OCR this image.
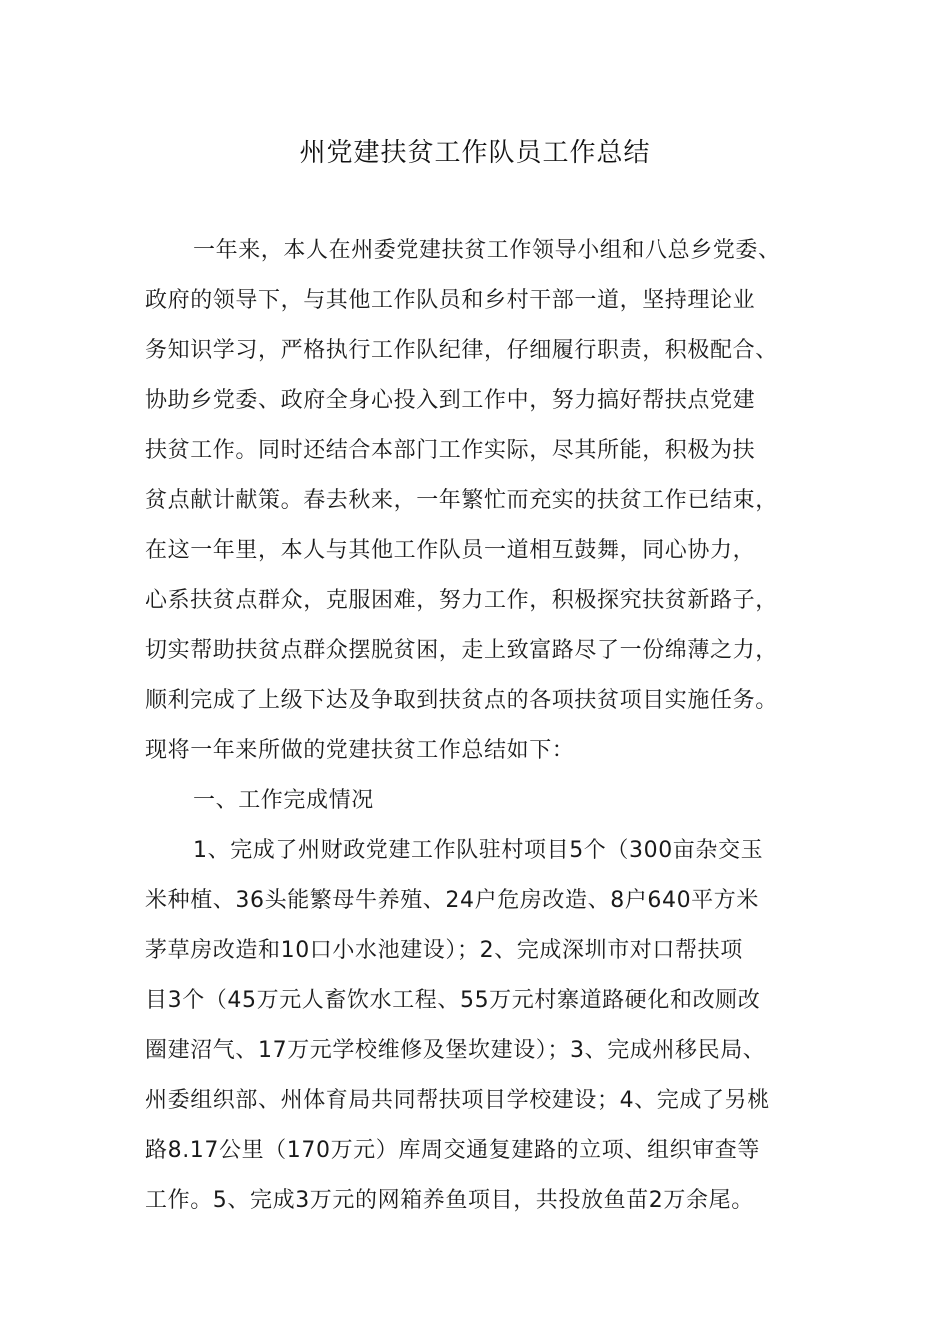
州党建扶贫工作队员工作总结
一年来，本人在州委党建扶贫工作领导小组和八总乡党委、
政府的领导下，与其他工作队员和乡村干部一道，坚持理论业
务知识学习，严格执行工作队纪律，仔细履行职责，积极配合、
协助乡党委、政府全身心投入到工作中，努力搞好帮扶点党建
扶贫工作。同时还结合本部门工作实际，尽其所能，积极为扶
贫点献计献策。春去秋来，一年繁忙而充实的扶贫工作已结束，
在这一年里，本人与其他工作队员一道相互鼓舞，同心协力，
心系扶贫点群众，克服困难，努力工作，积极探究扶贫新路子，
切实帮助扶贫点群众摆脱贫困，走上致富路尽了一份绵薄之力，
顺利完成了上级下达及争取到扶贫点的各项扶贫项目实施任务。
现将一年来所做的党建扶贫工作总结如下：
一、工作完成情况
1、完成了州财政党建工作队驻村项目5个（300亩杂交玉
米种植、36头能繁母牛养殖、24户危房改造、8户640平方米
茅草房改造和10口小水池建设）；2、完成深圳市对口帮扶项
目3个（45万元人畜饮水工程、55万元村寨道路硬化和改厕改
圈建沼气、17万元学校维修及堡坎建设）；3、完成州移民局、
州委组织部、州体育局共同帮扶项目学校建设；4、完成了另桃
路8.17公里（170万元）库周交通复建路的立项、组织审查等
工作。5、完成3万元的网箱养鱼项目，共投放鱼苗2万余尾。
